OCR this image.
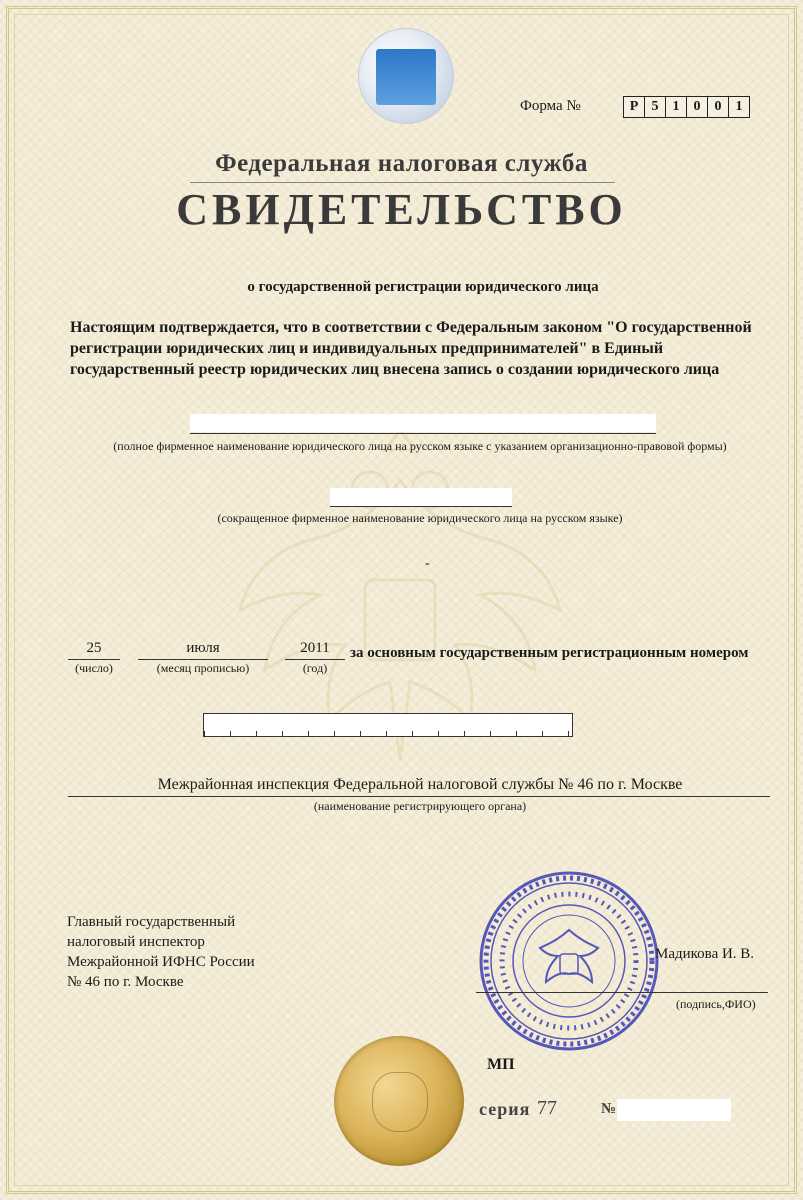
Форма №	Р 5	1	0	0	1
Федеральная налоговая служба
СВИДЕТЕЛЬСТВО
о государственной регистрации юридического лица
Настоящим подтверждается, что в соответствии с Федеральным законом "О государственной регистрации юридических лиц и индивидуальных предпринимателей" в Единый государственный реестр юридических лиц внесена запись о создании юридического лица
(полное фирменное наименование юридического лица на русском языке с указанием организационно-правовой формы)
(сокращенное фирменное наименование юридического лица на русском языке)
-
25
(число)
июля
(месяц прописью)
2011
(год)
за основным государственным регистрационным номером
Межрайонная инспекция Федеральной налоговой службы № 46 по г. Москве
(наименование регистрирующего органа)
Главный государственный
налоговый инспектор
Межрайонной ИФНС России
№ 46 по г. Москве
Мадикова И. В.
(подпись,ФИО)
МП
серия 77	№
